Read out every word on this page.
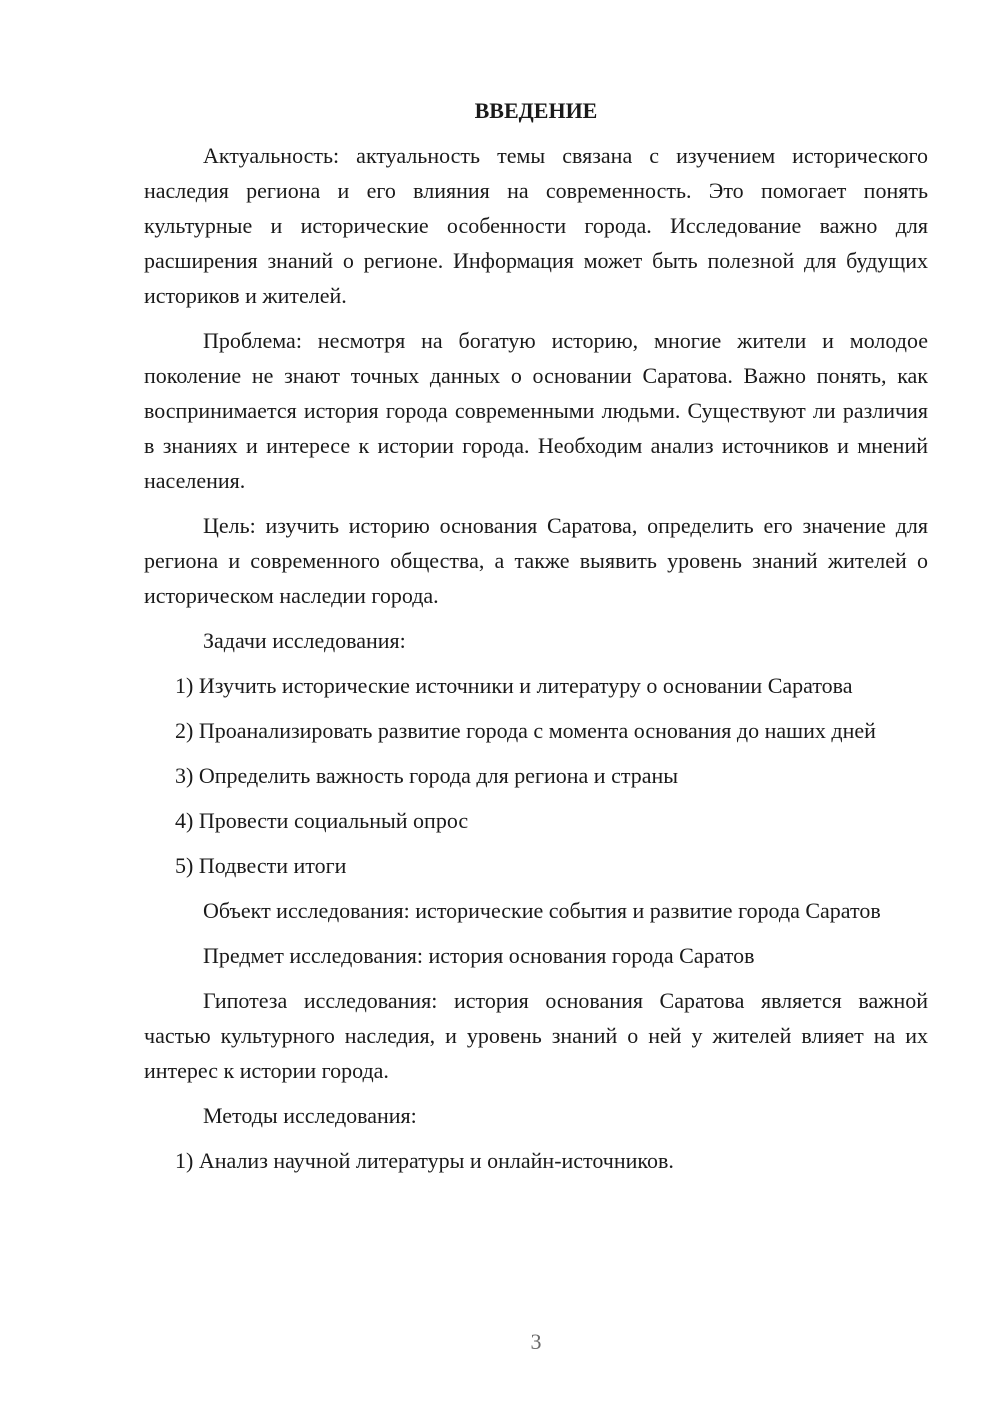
ВВЕДЕНИЕ

Актуальность: актуальность темы связана с изучением исторического наследия региона и его влияния на современность. Это помогает понять культурные и исторические особенности города. Исследование важно для расширения знаний о регионе. Информация может быть полезной для будущих историков и жителей.

Проблема: несмотря на богатую историю, многие жители и молодое поколение не знают точных данных о основании Саратова. Важно понять, как воспринимается история города современными людьми. Существуют ли различия в знаниях и интересе к истории города. Необходим анализ источников и мнений населения.

Цель: изучить историю основания Саратова, определить его значение для региона и современного общества, а также выявить уровень знаний жителей о историческом наследии города.

Задачи исследования:

1) Изучить исторические источники и литературу о основании Саратова

2) Проанализировать развитие города с момента основания до наших дней

3) Определить важность города для региона и страны

4) Провести социальный опрос

5) Подвести итоги

Объект исследования: исторические события и развитие города Саратов

Предмет исследования: история основания города Саратов

Гипотеза исследования: история основания Саратова является важной частью культурного наследия, и уровень знаний о ней у жителей влияет на их интерес к истории города.

Методы исследования:

1) Анализ научной литературы и онлайн-источников.

3
